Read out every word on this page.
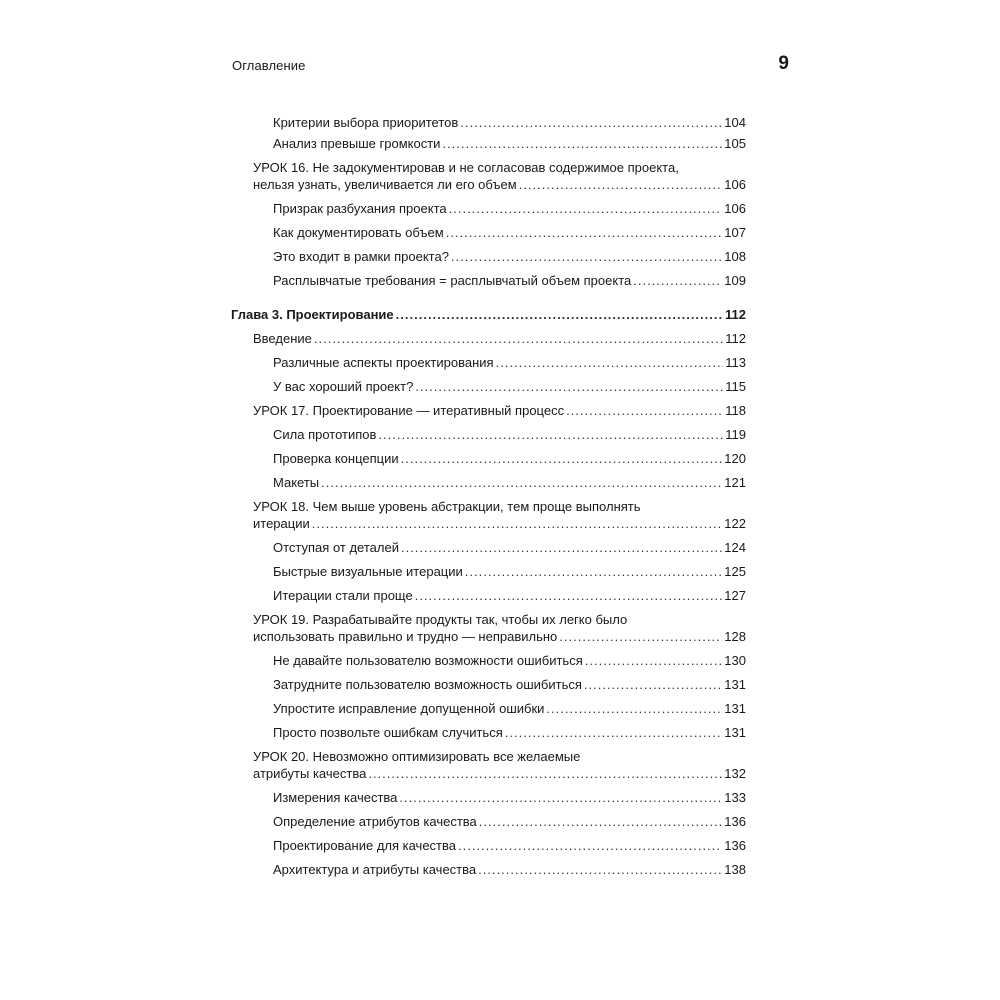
Оглавление	9
Критерии выбора приоритетов .....	104
Анализ превыше громкости .....	105
УРОК 16. Не задокументировав и не согласовав содержимое проекта,
нельзя узнать, увеличивается ли его объем .....	106
Призрак разбухания проекта .....	106
Как документировать объем .....	107
Это входит в рамки проекта? .....	108
Расплывчатые требования = расплывчатый объем проекта .....	109
Глава 3. Проектирование .....	112
Введение .....	112
Различные аспекты проектирования .....	113
У вас хороший проект? .....	115
УРОК 17. Проектирование — итеративный процесс .....	118
Сила прототипов .....	119
Проверка концепции .....	120
Макеты .....	121
УРОК 18. Чем выше уровень абстракции, тем проще выполнять
итерации .....	122
Отступая от деталей .....	124
Быстрые визуальные итерации .....	125
Итерации стали проще .....	127
УРОК 19. Разрабатывайте продукты так, чтобы их легко было
использовать правильно и трудно — неправильно .....	128
Не давайте пользователю возможности ошибиться .....	130
Затрудните пользователю возможность ошибиться .....	131
Упростите исправление допущенной ошибки .....	131
Просто позвольте ошибкам случиться .....	131
УРОК 20. Невозможно оптимизировать все желаемые
атрибуты качества .....	132
Измерения качества .....	133
Определение атрибутов качества .....	136
Проектирование для качества .....	136
Архитектура и атрибуты качества .....	138
